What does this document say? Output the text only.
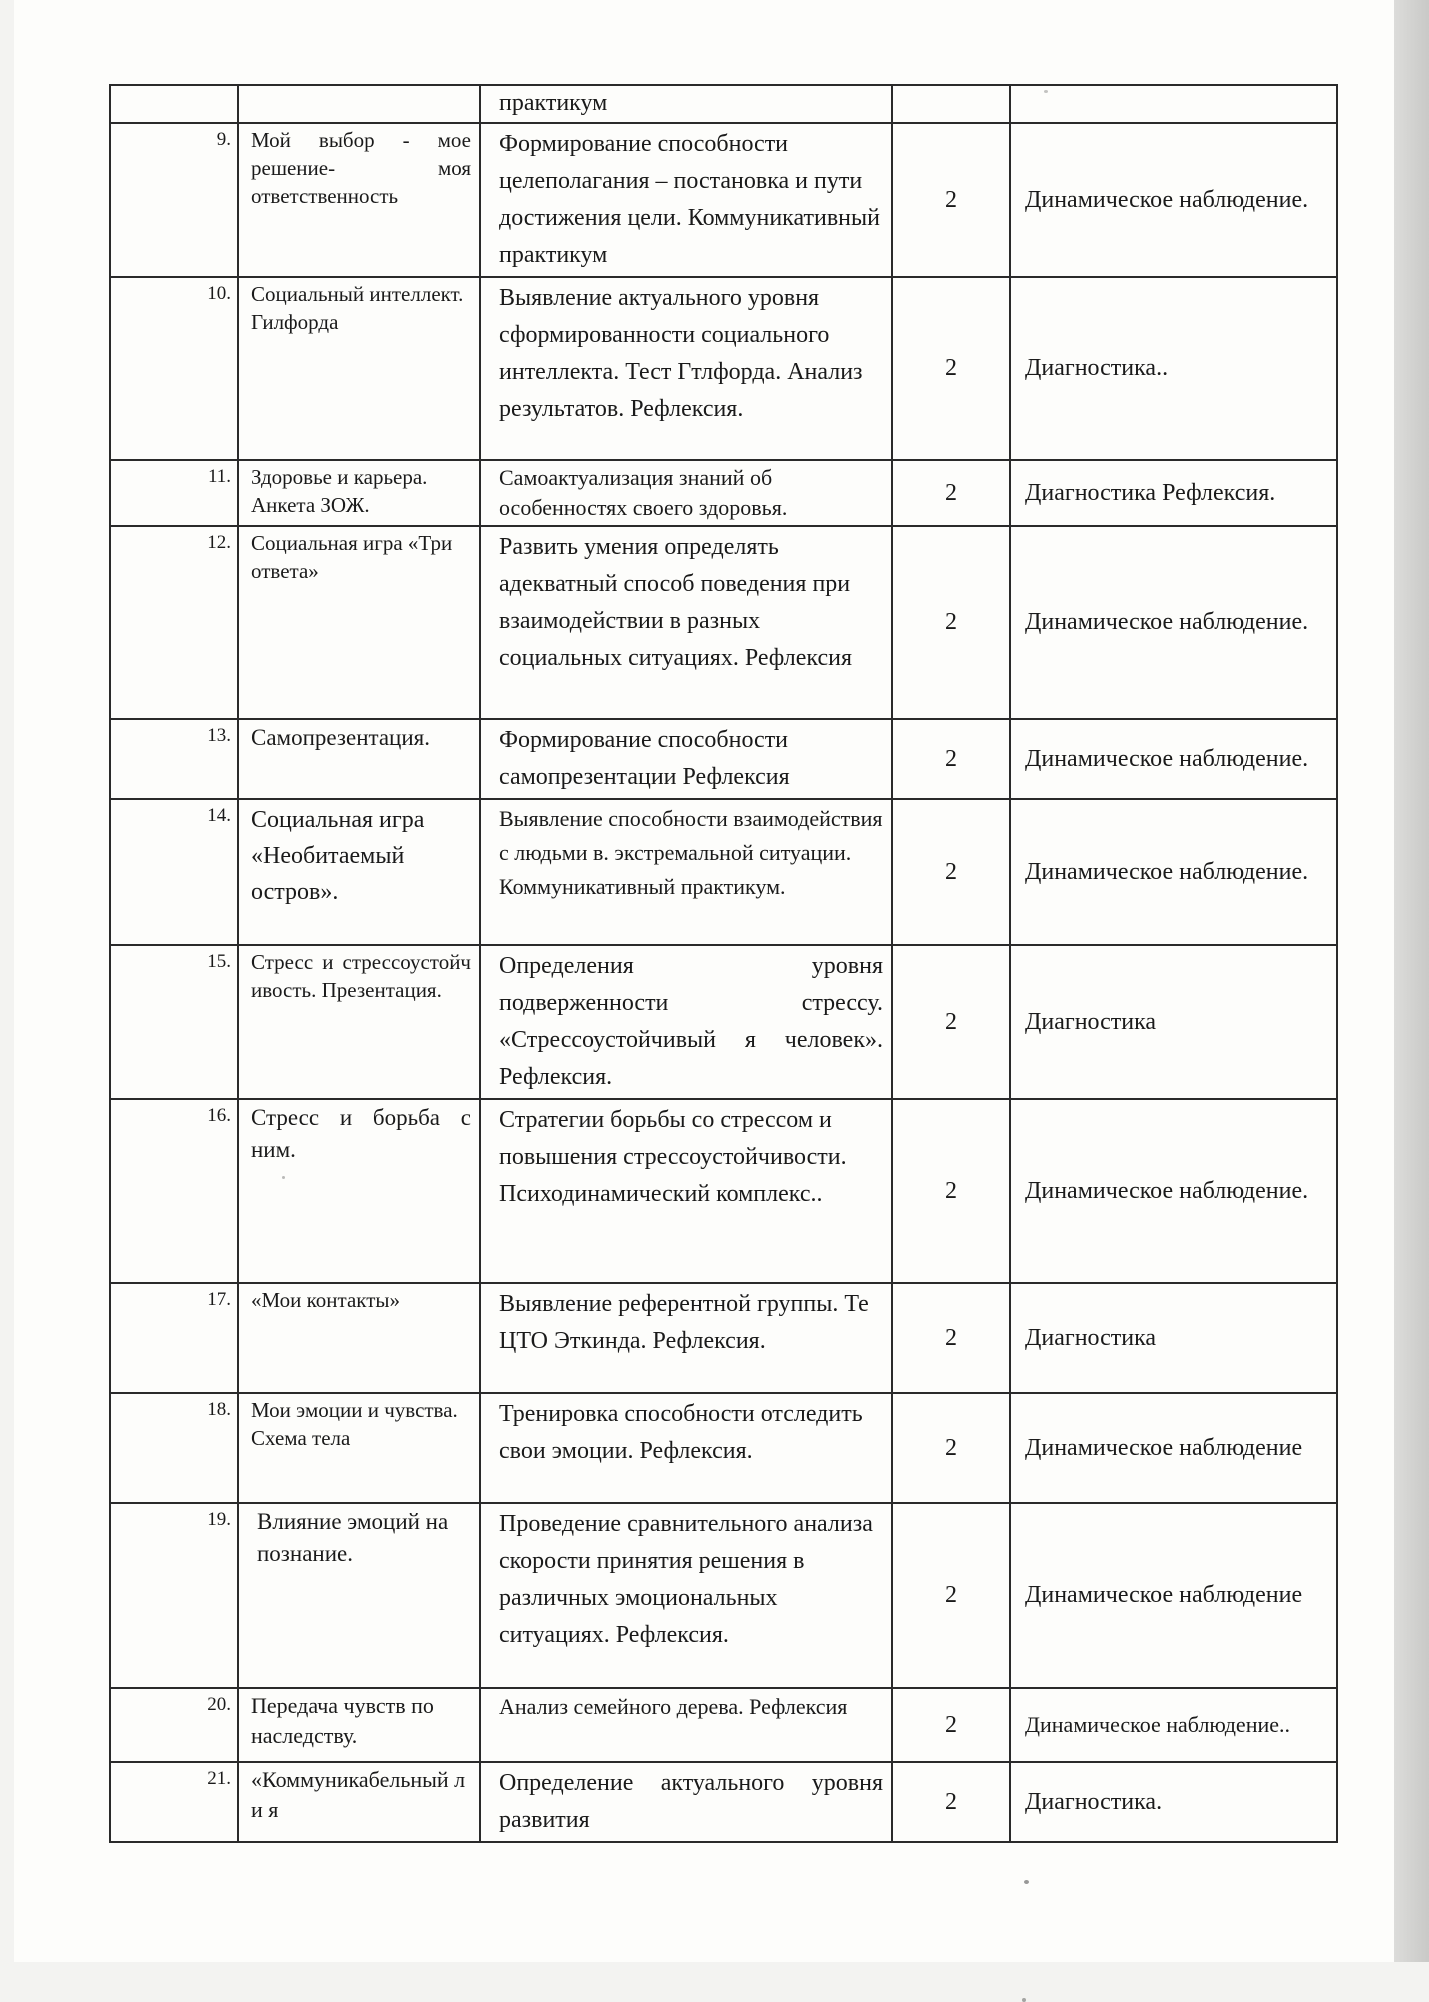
		практикум		
9.	Мой выбор - мое решение- моя ответственность	Формирование способности целеполагания – постановка и пути достижения цели. Коммуникативный практикум	2	Динамическое наблюдение.
10.	Социальный интеллект. Гилфорда	Выявление актуального уровня сформированности социального интеллекта. Тест Гтлфорда. Анализ результатов. Рефлексия.	2	Диагностика..
11.	Здоровье и карьера. Анкета ЗОЖ.	Самоактуализация знаний об особенностях своего здоровья.	2	Диагностика Рефлексия.
12.	Социальная игра «Три ответа»	Развить умения определять адекватный способ поведения при взаимодействии в разных социальных ситуациях. Рефлексия	2	Динамическое наблюдение.
13.	Самопрезентация.	Формирование способности самопрезентации Рефлексия	2	Динамическое наблюдение.
14.	Социальная игра «Необитаемый остров».	Выявление способности взаимодействия с людьми в. экстремальной ситуации. Коммуникативный практикум.	2	Динамическое наблюдение.
15.	Стресс и стрессоустойчивость. Презентация.	Определения уровня подверженности стрессу. «Стрессоустойчивый я человек». Рефлексия.	2	Диагностика
16.	Стресс и борьба с ним.	Стратегии борьбы со стрессом и повышения стрессоустойчивости. Психодинамический комплекс..	2	Динамическое наблюдение.
17.	«Мои контакты»	Выявление референтной группы. Те ЦТО Эткинда. Рефлексия.	2	Диагностика
18.	Мои эмоции и чувства. Схема тела	Тренировка способности отследить свои эмоции. Рефлексия.	2	Динамическое наблюдение
19.	Влияние эмоций на познание.	Проведение сравнительного анализа скорости принятия решения в различных эмоциональных ситуациях. Рефлексия.	2	Динамическое наблюдение
20.	Передача чувств по наследству.	Анализ семейного дерева. Рефлексия	2	Динамическое наблюдение..
21.	«Коммуникабельный ли я	Определение актуального уровня развития	2	Диагностика.
